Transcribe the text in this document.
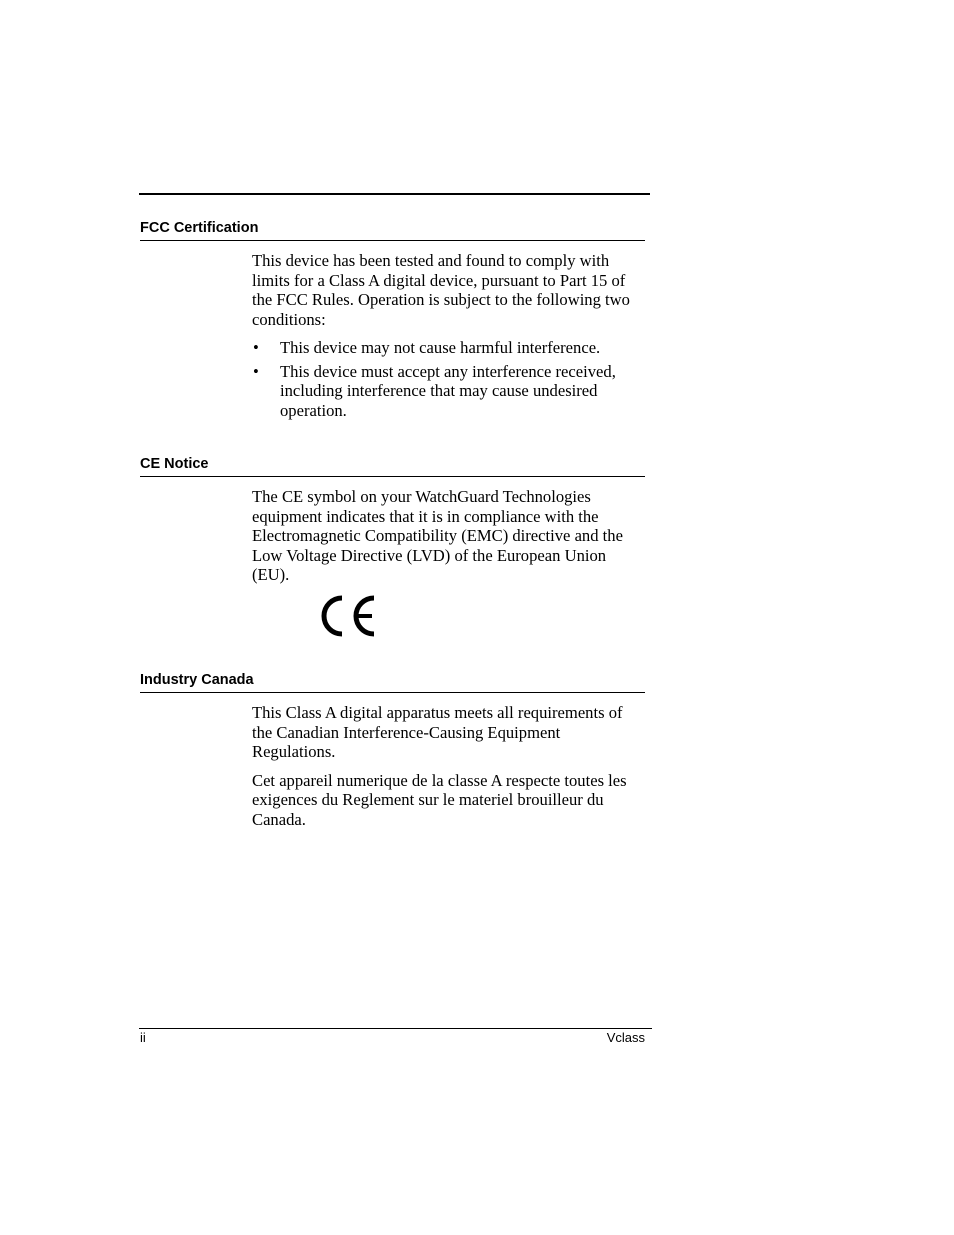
FCC Certification

This device has been tested and found to comply with limits for a Class A digital device, pursuant to Part 15 of the FCC Rules. Operation is subject to the following two conditions:

• This device may not cause harmful interference.
• This device must accept any interference received, including interference that may cause undesired operation.
CE Notice

The CE symbol on your WatchGuard Technologies equipment indicates that it is in compliance with the Electromagnetic Compatibility (EMC) directive and the Low Voltage Directive (LVD) of the European Union (EU).

Industry Canada

This Class A digital apparatus meets all requirements of the Canadian Interference-Causing Equipment Regulations.

Cet appareil numerique de la classe A respecte toutes les exigences du Reglement sur le materiel brouilleur du Canada.

ii	Vclass
